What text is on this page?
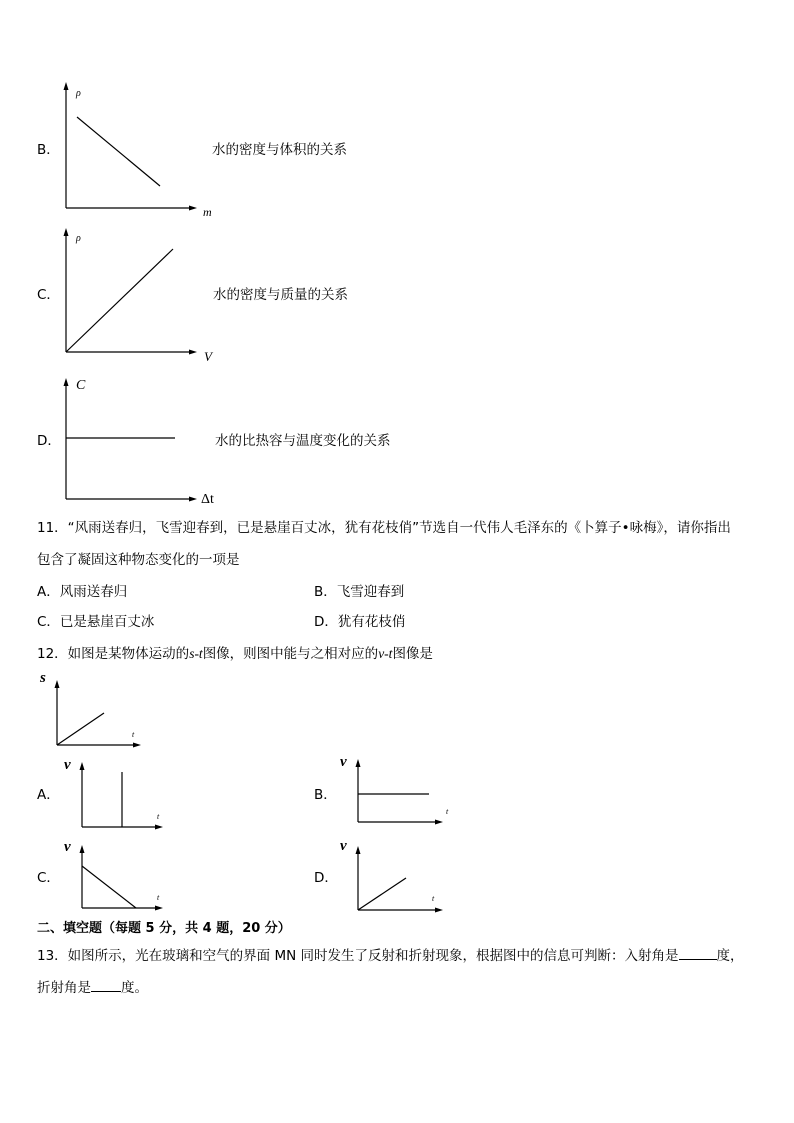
B．
ρ
m
水的密度与体积的关系
C．
ρ
V
水的密度与质量的关系
D．
C
Δt
水的比热容与温度变化的关系
11．“风雨送春归，飞雪迎春到，已是悬崖百丈冰，犹有花枝俏”节选自一代伟人毛泽东的《卜算子•咏梅》，请你指出
包含了凝固这种物态变化的一项是
A．风雨送春归	B．飞雪迎春到
C．已是悬崖百丈冰	D．犹有花枝俏
12．如图是某物体运动的s-t图像，则图中能与之相对应的v-t图像是
s
t
A．
v
t
B．
v
t
C．
v
t
D．
v
t
二、填空题（每题 5 分，共 4 题，20 分）
13．如图所示，光在玻璃和空气的界面 MN 同时发生了反射和折射现象，根据图中的信息可判断：入射角是	度，
折射角是 度。
